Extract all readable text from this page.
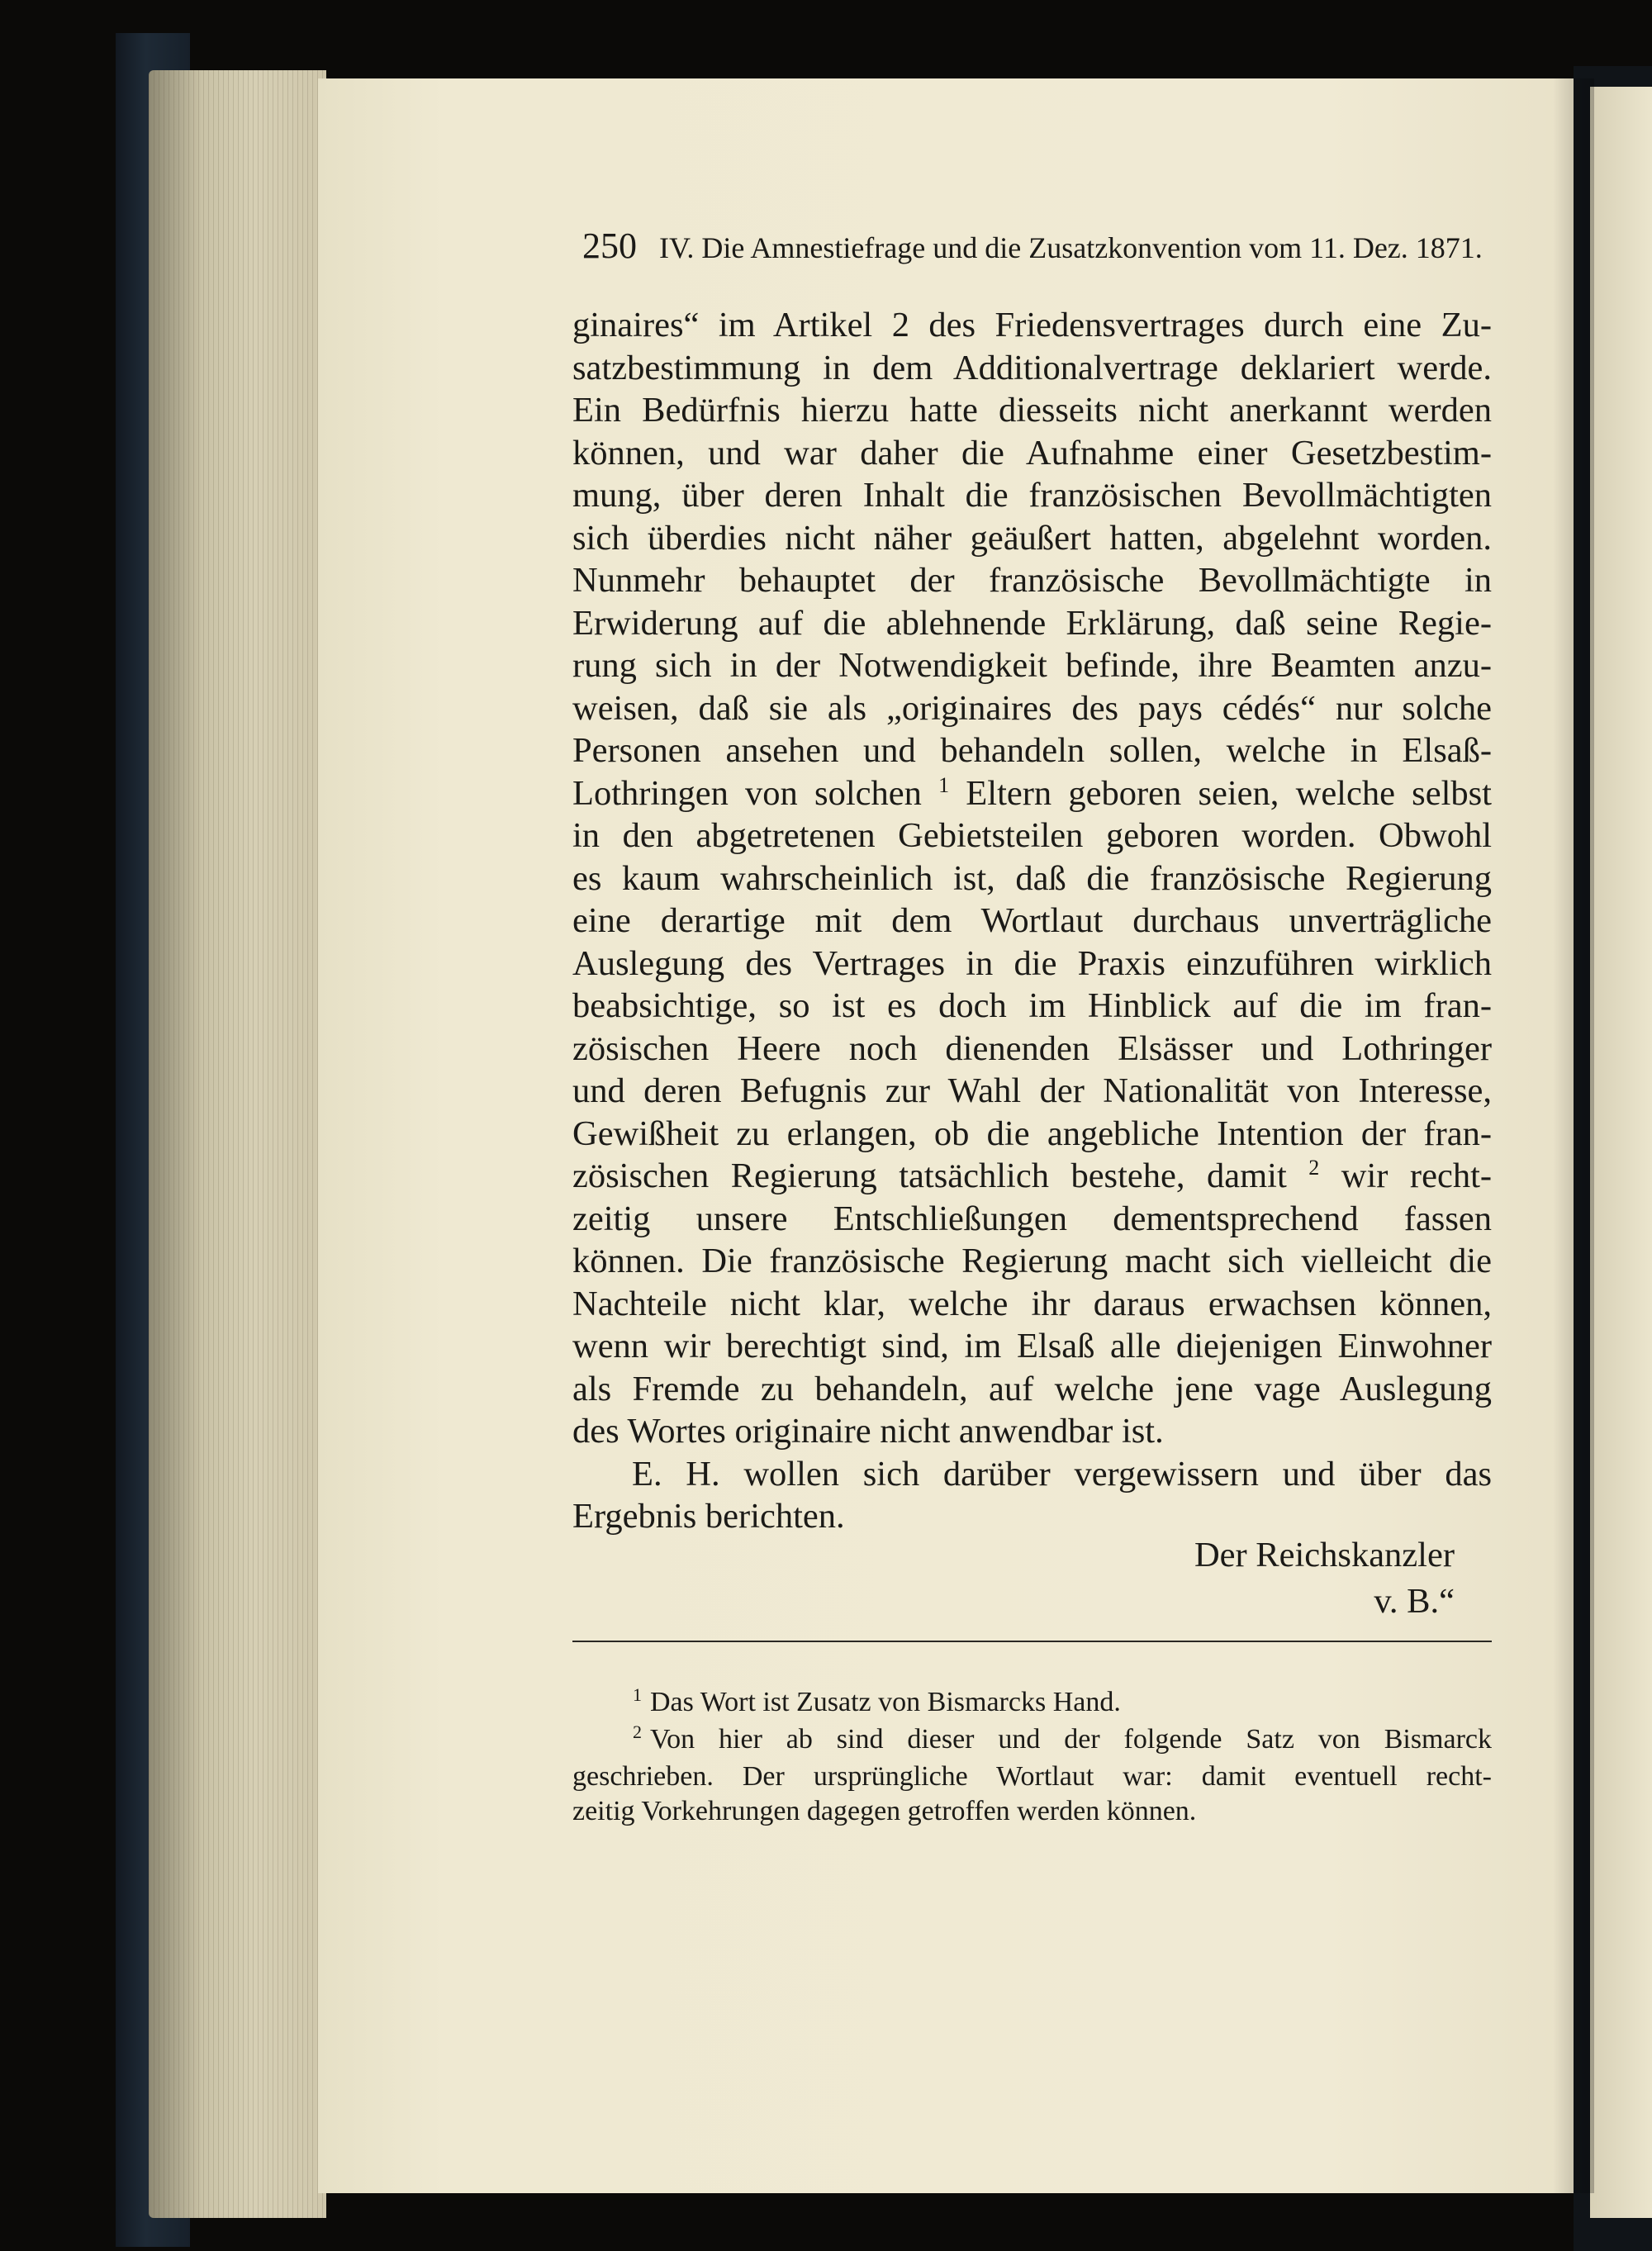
250 IV. Die Amnestiefrage und die Zusatzkonvention vom 11. Dez. 1871.
ginaires“ im Artikel 2 des Friedensvertrages durch eine Zu-
satzbestimmung in dem Additionalvertrage deklariert werde.
Ein Bedürfnis hierzu hatte diesseits nicht anerkannt werden
können, und war daher die Aufnahme einer Gesetzbestim-
mung, über deren Inhalt die französischen Bevollmächtigten
sich überdies nicht näher geäußert hatten, abgelehnt worden.
Nunmehr behauptet der französische Bevollmächtigte in
Erwiderung auf die ablehnende Erklärung, daß seine Regie-
rung sich in der Notwendigkeit befinde, ihre Beamten anzu-
weisen, daß sie als „originaires des pays cédés“ nur solche
Personen ansehen und behandeln sollen, welche in Elsaß-
Lothringen von solchen $^1$ Eltern geboren seien, welche selbst
in den abgetretenen Gebietsteilen geboren worden. Obwohl
es kaum wahrscheinlich ist, daß die französische Regierung
eine derartige mit dem Wortlaut durchaus unverträgliche
Auslegung des Vertrages in die Praxis einzuführen wirklich
beabsichtige, so ist es doch im Hinblick auf die im fran-
zösischen Heere noch dienenden Elsässer und Lothringer
und deren Befugnis zur Wahl der Nationalität von Interesse,
Gewißheit zu erlangen, ob die angebliche Intention der fran-
zösischen Regierung tatsächlich bestehe, damit $^2$ wir recht-
zeitig unsere Entschließungen dementsprechend fassen
können. Die französische Regierung macht sich vielleicht die
Nachteile nicht klar, welche ihr daraus erwachsen können,
wenn wir berechtigt sind, im Elsaß alle diejenigen Einwohner
als Fremde zu behandeln, auf welche jene vage Auslegung
des Wortes originaire nicht anwendbar ist.
E. H. wollen sich darüber vergewissern und über das
Ergebnis berichten.
Der Reichskanzler
v. B.“
$^1$ Das Wort ist Zusatz von Bismarcks Hand.
$^2$ Von hier ab sind dieser und der folgende Satz von Bismarck
geschrieben. Der ursprüngliche Wortlaut war: damit eventuell recht-
zeitig Vorkehrungen dagegen getroffen werden können.
